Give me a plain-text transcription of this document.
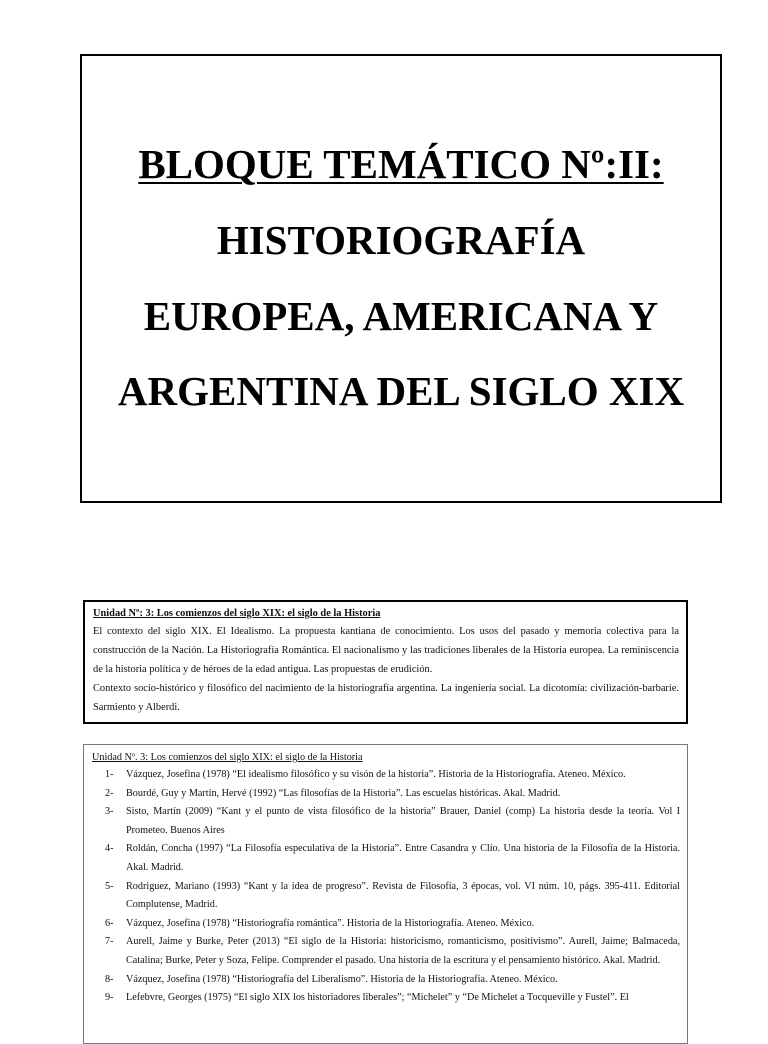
BLOQUE TEMÁTICO Nº:II:
HISTORIOGRAFÍA
EUROPEA, AMERICANA Y
ARGENTINA DEL SIGLO XIX
Unidad Nº: 3: Los comienzos del siglo XIX: el siglo de la Historia

El contexto del siglo XIX. El Idealismo. La propuesta kantiana de conocimiento. Los usos del pasado y memoria colectiva para la construcción de la Nación. La Historiografía Romántica. El nacionalismo y las tradiciones liberales de la Historia europea. La reminiscencia de la historia política y de héroes de la edad antigua. Las propuestas de erudición.

Contexto socio-histórico y filosófico del nacimiento de la historiografía argentina. La ingeniería social. La dicotomía: civilización-barbarie. Sarmiento y Alberdi.

Unidad Nº. 3: Los comienzos del siglo XIX: el siglo de la Historia
1-	Vázquez, Josefina (1978) “El idealismo filosófico y su visón de la historia”. Historia de la Historiografía. Ateneo. México.
2-	Bourdé, Guy y Martín, Hervé (1992) “Las filosofías de la Historia”. Las escuelas históricas. Akal. Madrid.
3-	Sisto, Martín (2009) “Kant y el punto de vista filosófico de la historia” Brauer, Daniel (comp) La historia desde la teoría. Vol I Prometeo. Buenos Aires
4-	Roldán, Concha (1997) “La Filosofía especulativa de la Historia”. Entre Casandra y Clío. Una historia de la Filosofía de la Historia. Akal. Madrid.
5-	Rodriguez, Mariano (1993) “Kant y la idea de progreso”. Revista de Filosofía, 3 épocas, vol. VI núm. 10, págs. 395-411. Editorial Complutense, Madrid.
6-	Vázquez, Josefina (1978) “Historiografía romántica”. Historia de la Historiografía. Ateneo. México.
7-	Aurell, Jaime y Burke, Peter (2013) “El siglo de la Historia: historicismo, romanticismo, positivismo”. Aurell, Jaime; Balmaceda, Catalina; Burke, Peter y Soza, Felipe. Comprender el pasado. Una historia de la escritura y el pensamiento histórico. Akal. Madrid.
8-	Vázquez, Josefina (1978) “Historiografía del Liberalismo”. Historia de la Historiografía. Ateneo. México.
9-	Lefebvre, Georges (1975) “El siglo XIX los historiadores liberales”; “Michelet” y “De Michelet a Tocqueville y Fustel”. El
